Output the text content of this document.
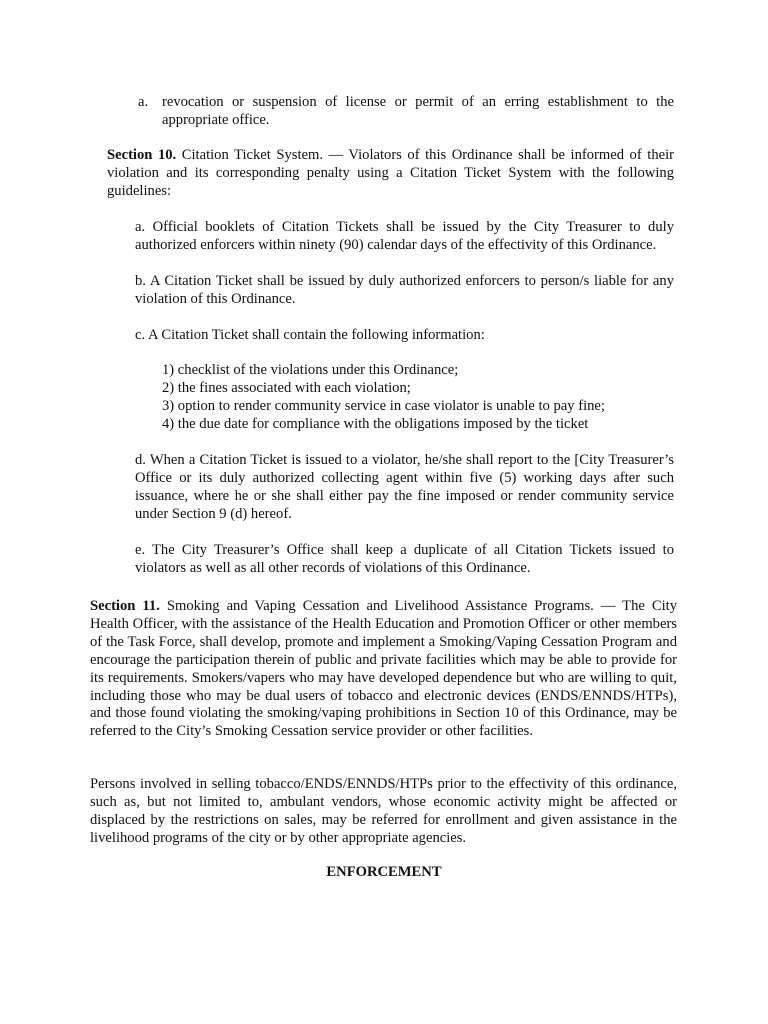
a. revocation or suspension of license or permit of an erring establishment to the appropriate office.

Section 10. Citation Ticket System. — Violators of this Ordinance shall be informed of their violation and its corresponding penalty using a Citation Ticket System with the following guidelines:

a. Official booklets of Citation Tickets shall be issued by the City Treasurer to duly authorized enforcers within ninety (90) calendar days of the effectivity of this Ordinance.

b. A Citation Ticket shall be issued by duly authorized enforcers to person/s liable for any violation of this Ordinance.

c. A Citation Ticket shall contain the following information:

1) checklist of the violations under this Ordinance;
2) the fines associated with each violation;
3) option to render community service in case violator is unable to pay fine;
4) the due date for compliance with the obligations imposed by the ticket

d. When a Citation Ticket is issued to a violator, he/she shall report to the [City Treasurer’s Office or its duly authorized collecting agent within five (5) working days after such issuance, where he or she shall either pay the fine imposed or render community service under Section 9 (d) hereof.

e. The City Treasurer’s Office shall keep a duplicate of all Citation Tickets issued to violators as well as all other records of violations of this Ordinance.

Section 11. Smoking and Vaping Cessation and Livelihood Assistance Programs. — The City Health Officer, with the assistance of the Health Education and Promotion Officer or other members of the Task Force, shall develop, promote and implement a Smoking/Vaping Cessation Program and encourage the participation therein of public and private facilities which may be able to provide for its requirements. Smokers/vapers who may have developed dependence but who are willing to quit, including those who may be dual users of tobacco and electronic devices (ENDS/ENNDS/HTPs), and those found violating the smoking/vaping prohibitions in Section 10 of this Ordinance, may be referred to the City’s Smoking Cessation service provider or other facilities.

Persons involved in selling tobacco/ENDS/ENNDS/HTPs prior to the effectivity of this ordinance, such as, but not limited to, ambulant vendors, whose economic activity might be affected or displaced by the restrictions on sales, may be referred for enrollment and given assistance in the livelihood programs of the city or by other appropriate agencies.

ENFORCEMENT
